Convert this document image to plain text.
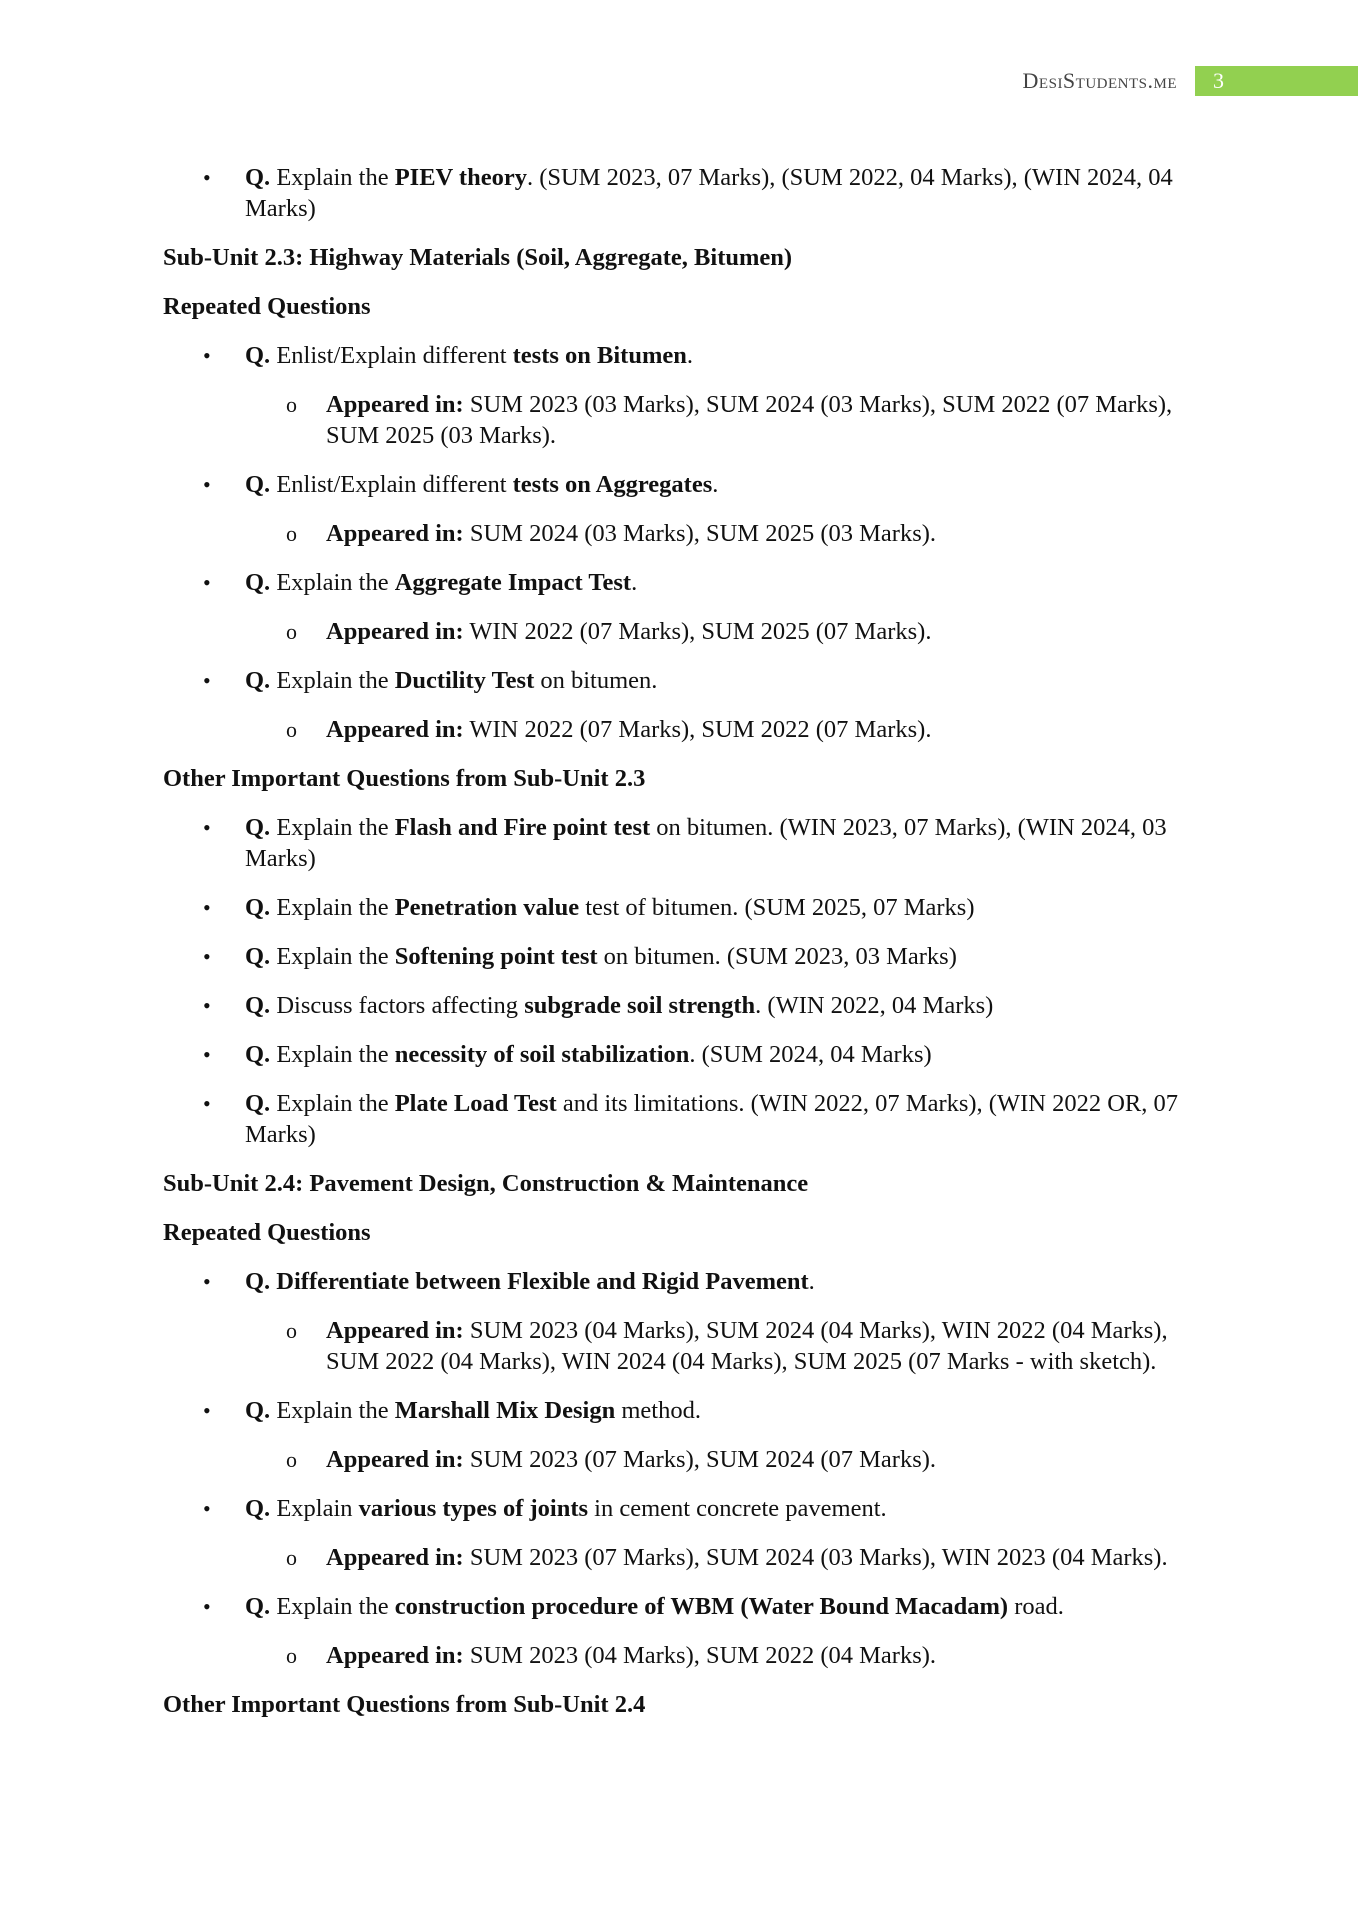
DesiStudents.me	3
• Q. Explain the PIEV theory. (SUM 2023, 07 Marks), (SUM 2022, 04 Marks), (WIN 2024, 04 Marks)
Sub-Unit 2.3: Highway Materials (Soil, Aggregate, Bitumen)
Repeated Questions
• Q. Enlist/Explain different tests on Bitumen.
o Appeared in: SUM 2023 (03 Marks), SUM 2024 (03 Marks), SUM 2022 (07 Marks), SUM 2025 (03 Marks).
• Q. Enlist/Explain different tests on Aggregates.
o Appeared in: SUM 2024 (03 Marks), SUM 2025 (03 Marks).
• Q. Explain the Aggregate Impact Test.
o Appeared in: WIN 2022 (07 Marks), SUM 2025 (07 Marks).
• Q. Explain the Ductility Test on bitumen.
o Appeared in: WIN 2022 (07 Marks), SUM 2022 (07 Marks).
Other Important Questions from Sub-Unit 2.3
• Q. Explain the Flash and Fire point test on bitumen. (WIN 2023, 07 Marks), (WIN 2024, 03 Marks)
• Q. Explain the Penetration value test of bitumen. (SUM 2025, 07 Marks)
• Q. Explain the Softening point test on bitumen. (SUM 2023, 03 Marks)
• Q. Discuss factors affecting subgrade soil strength. (WIN 2022, 04 Marks)
• Q. Explain the necessity of soil stabilization. (SUM 2024, 04 Marks)
• Q. Explain the Plate Load Test and its limitations. (WIN 2022, 07 Marks), (WIN 2022 OR, 07 Marks)
Sub-Unit 2.4: Pavement Design, Construction & Maintenance
Repeated Questions
• Q. Differentiate between Flexible and Rigid Pavement.
o Appeared in: SUM 2023 (04 Marks), SUM 2024 (04 Marks), WIN 2022 (04 Marks), SUM 2022 (04 Marks), WIN 2024 (04 Marks), SUM 2025 (07 Marks - with sketch).
• Q. Explain the Marshall Mix Design method.
o Appeared in: SUM 2023 (07 Marks), SUM 2024 (07 Marks).
• Q. Explain various types of joints in cement concrete pavement.
o Appeared in: SUM 2023 (07 Marks), SUM 2024 (03 Marks), WIN 2023 (04 Marks).
• Q. Explain the construction procedure of WBM (Water Bound Macadam) road.
o Appeared in: SUM 2023 (04 Marks), SUM 2022 (04 Marks).
Other Important Questions from Sub-Unit 2.4
